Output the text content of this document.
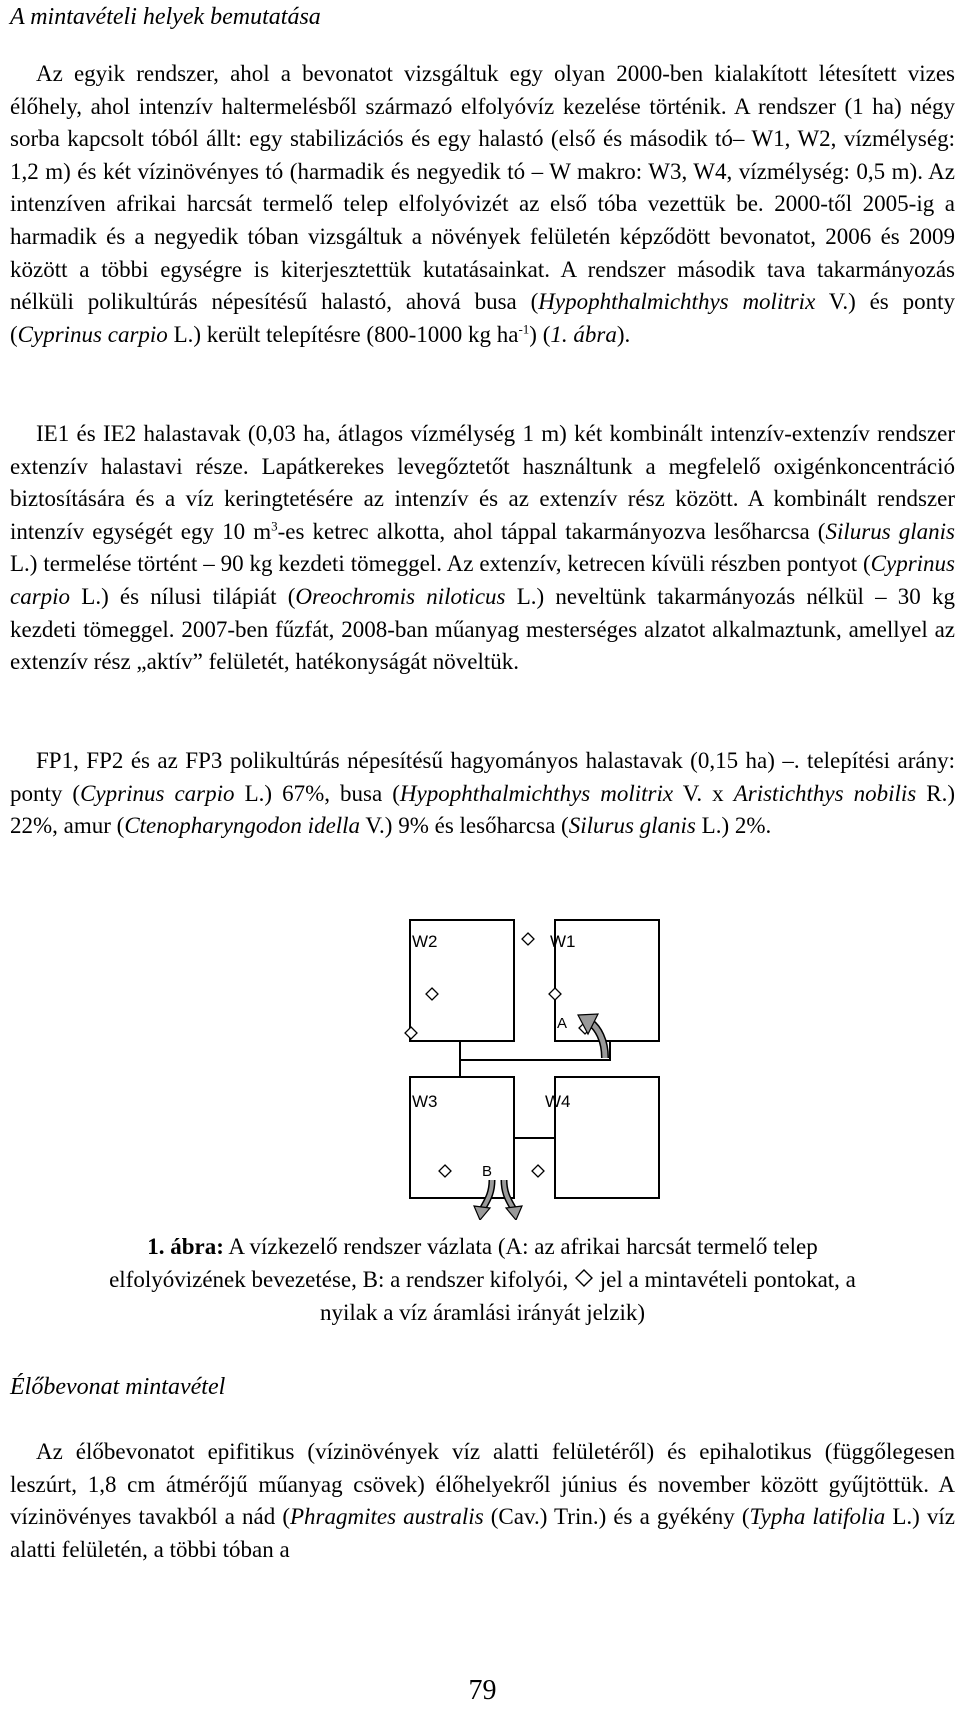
A mintavételi helyek bemutatása

Az egyik rendszer, ahol a bevonatot vizsgáltuk egy olyan 2000-ben kialakított létesített vizes élőhely, ahol intenzív haltermelésből származó elfolyóvíz kezelése történik. A rendszer (1 ha) négy sorba kapcsolt tóból állt: egy stabilizációs és egy halastó (első és második tó– W1, W2, vízmélység: 1,2 m) és két vízinövényes tó (harmadik és negyedik tó – W makro: W3, W4, vízmélység: 0,5 m). Az intenzíven afrikai harcsát termelő telep elfolyóvizét az első tóba vezettük be. 2000-től 2005-ig a harmadik és a negyedik tóban vizsgáltuk a növények felületén képződött bevonatot, 2006 és 2009 között a többi egységre is kiterjesztettük kutatásainkat. A rendszer második tava takarmányozás nélküli polikultúrás népesítésű halastó, ahová busa (Hypophthalmichthys molitrix V.) és ponty (Cyprinus carpio L.) került telepítésre (800-1000 kg $ha^{-1}$) (1. ábra).

IE1 és IE2 halastavak (0,03 ha, átlagos vízmélység 1 m) két kombinált intenzív-extenzív rendszer extenzív halastavi része. Lapátkerekes levegőztetőt használtunk a megfelelő oxigénkoncentráció biztosítására és a víz keringtetésére az intenzív és az extenzív rész között. A kombinált rendszer intenzív egységét egy 10 $m^3-es$ ketrec alkotta, ahol táppal takarmányozva lesőharcsa (Silurus glanis L.) termelése történt – 90 kg kezdeti tömeggel. Az extenzív, ketrecen kívüli részben pontyot (Cyprinus carpio L.) és nílusi tilápiát (Oreochromis niloticus L.) neveltünk takarmányozás nélkül – 30 kg kezdeti tömeggel. 2007-ben fűzfát, 2008-ban műanyag mesterséges alzatot alkalmaztunk, amellyel az extenzív rész „aktív” felületét, hatékonyságát növeltük.

FP1, FP2 és az FP3 polikultúrás népesítésű hagyományos halastavak (0,15 ha) –. telepítési arány: ponty (Cyprinus carpio L.) 67%, busa (Hypophthalmichthys molitrix V. x Aristichthys nobilis R.) 22%, amur (Ctenopharyngodon idella V.) 9% és lesőharcsa (Silurus glanis L.) 2%.

W2	W1
A
W3	W4
B

1. ábra: A vízkezelő rendszer vázlata (A: az afrikai harcsát termelő telep
elfolyóvizének bevezetése, B: a rendszer kifolyói,  jel a mintavételi pontokat, a
nyilak a víz áramlási irányát jelzik)

Élőbevonat mintavétel

Az élőbevonatot epifitikus (vízinövények víz alatti felületéről) és epihalotikus (függőlegesen leszúrt, 1,8 cm átmérőjű műanyag csövek) élőhelyekről június és november között gyűjtöttük. A vízinövényes tavakból a nád (Phragmites australis (Cav.) Trin.) és a gyékény (Typha latifolia L.) víz alatti felületén, a többi tóban a

79
